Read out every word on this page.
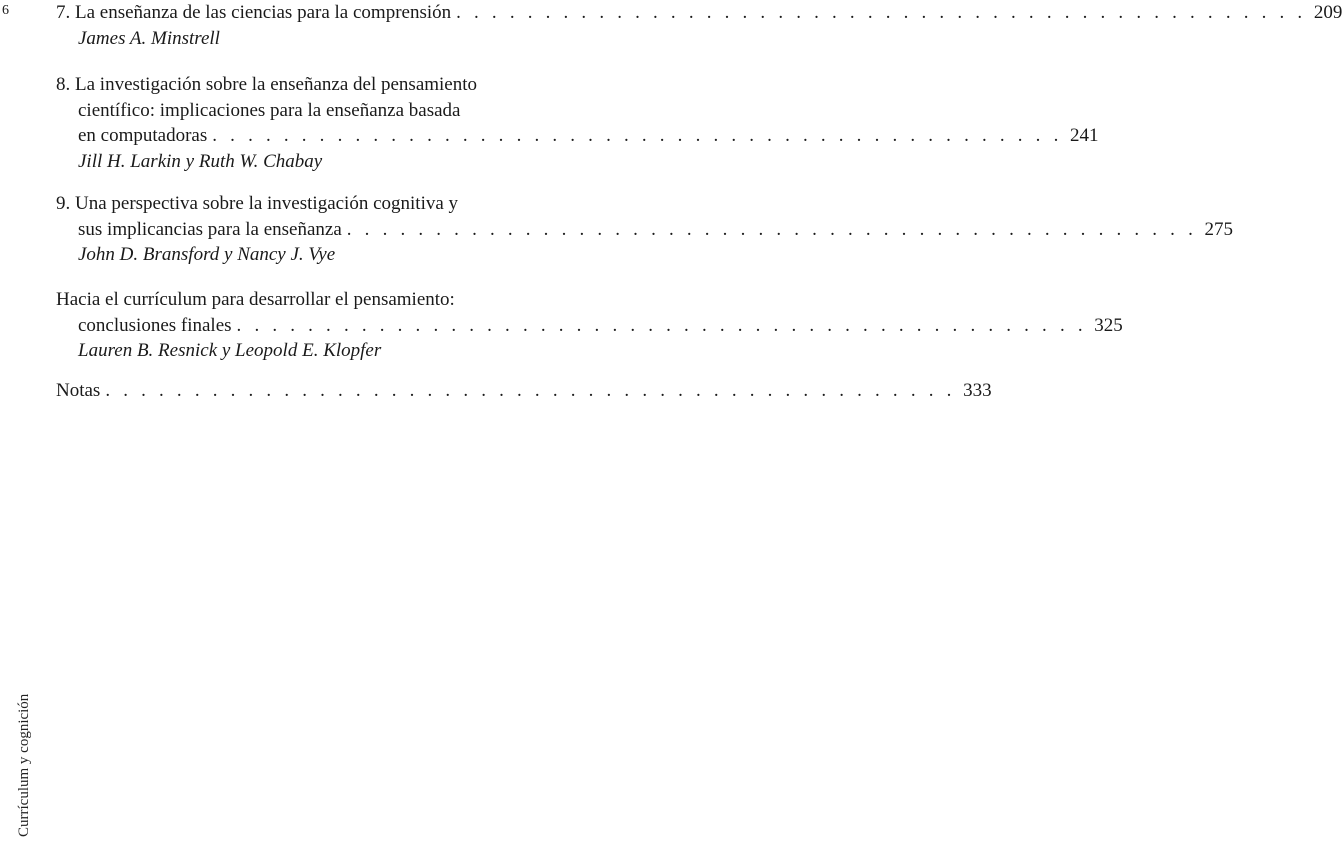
6 7. La enseñanza de las ciencias para la comprensión . . . . . . . . . . . . . . . . . . . . . . . . . . . . . . . . . . . . . . . . . . . . . . . . 209
James A. Minstrell
8. La investigación sobre la enseñanza del pensamiento
científico: implicaciones para la enseñanza basada
en computadoras . . . . . . . . . . . . . . . . . . . . . . . . . . . . . . . . . . . . . . . . . . . . . . . . 241
Jill H. Larkin y Ruth W. Chabay
9. Una perspectiva sobre la investigación cognitiva y
sus implicancias para la enseñanza . . . . . . . . . . . . . . . . . . . . . . . . . . . . . . . . . . . . . . . . . . . . . . . . 275
John D. Bransford y Nancy J. Vye
Hacia el currículum para desarrollar el pensamiento:
conclusiones finales . . . . . . . . . . . . . . . . . . . . . . . . . . . . . . . . . . . . . . . . . . . . . . . . 325
Lauren B. Resnick y Leopold E. Klopfer
Notas . . . . . . . . . . . . . . . . . . . . . . . . . . . . . . . . . . . . . . . . . . . . . . . . 333
Currículum y cognición
